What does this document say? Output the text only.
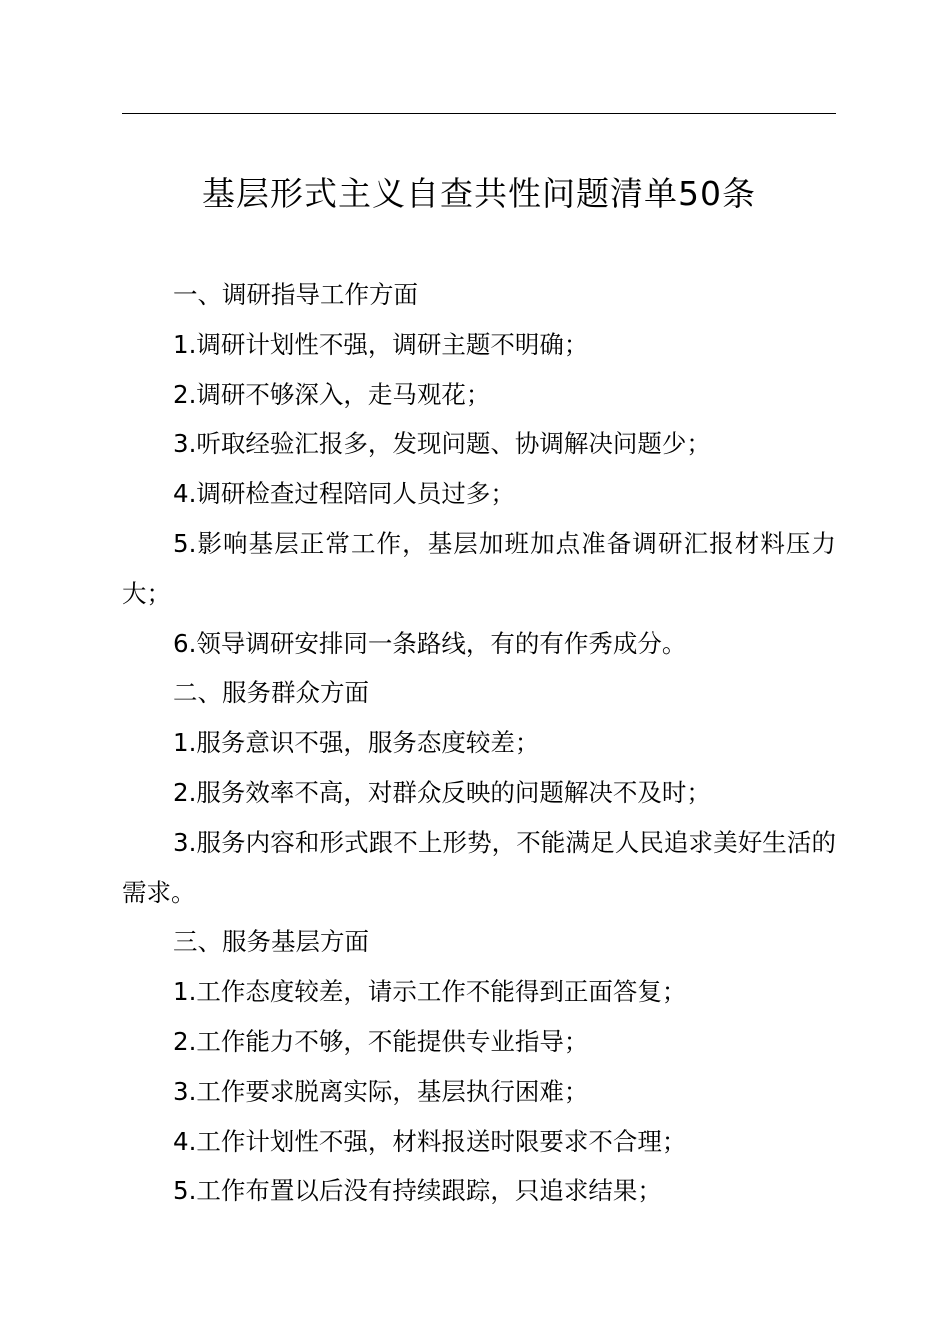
基层形式主义自查共性问题清单50条

一、调研指导工作方面

1.调研计划性不强，调研主题不明确；

2.调研不够深入，走马观花；

3.听取经验汇报多，发现问题、协调解决问题少；

4.调研检查过程陪同人员过多；

5.影响基层正常工作，基层加班加点准备调研汇报材料压力大；

6.领导调研安排同一条路线，有的有作秀成分。

二、服务群众方面

1.服务意识不强，服务态度较差；

2.服务效率不高，对群众反映的问题解决不及时；

3.服务内容和形式跟不上形势，不能满足人民追求美好生活的需求。

三、服务基层方面

1.工作态度较差，请示工作不能得到正面答复；

2.工作能力不够，不能提供专业指导；

3.工作要求脱离实际，基层执行困难；

4.工作计划性不强，材料报送时限要求不合理；

5.工作布置以后没有持续跟踪，只追求结果；
